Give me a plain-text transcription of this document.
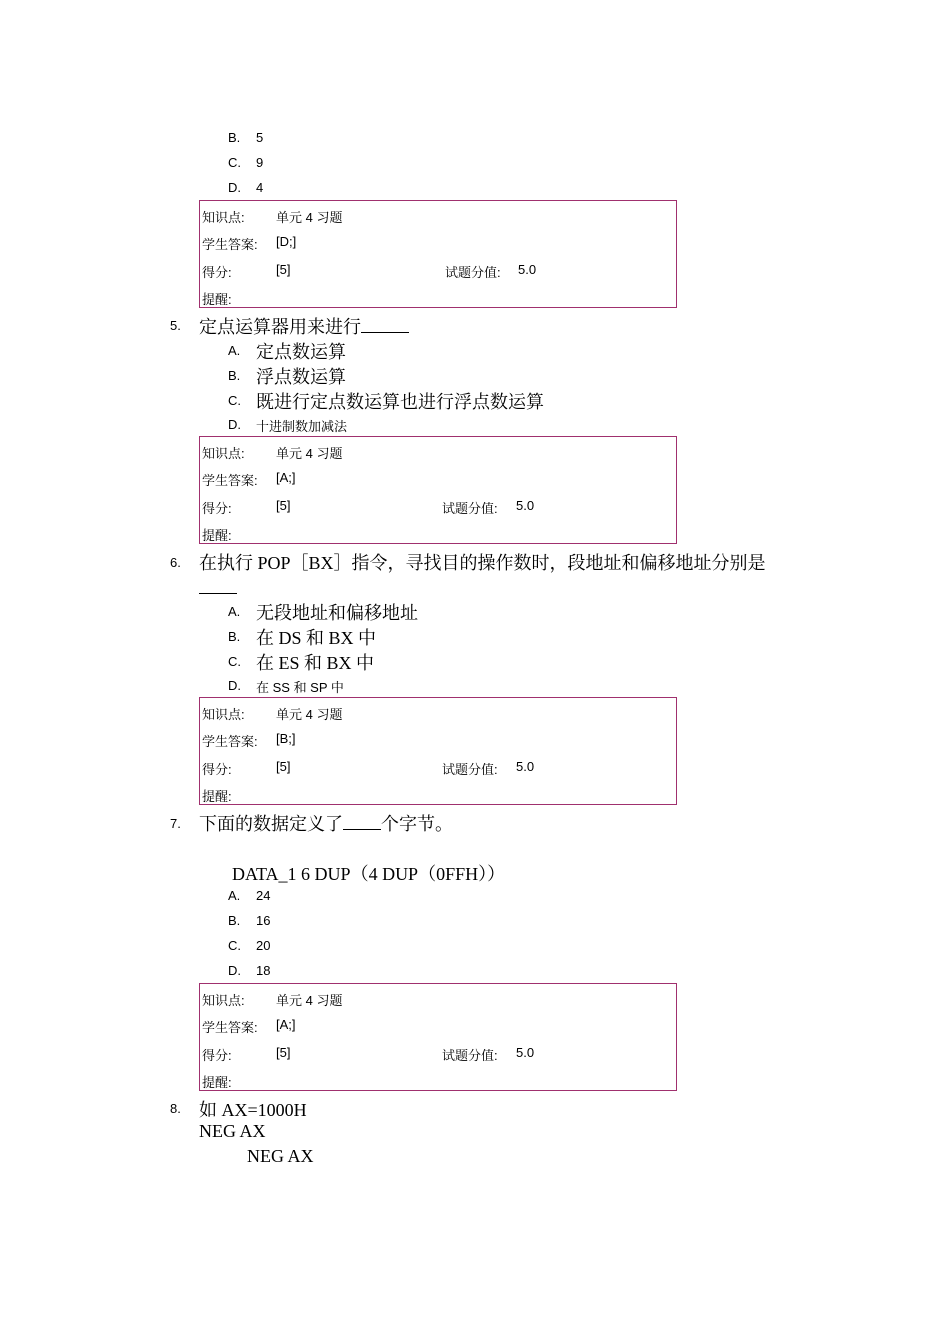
B. 5
C. 9
D. 4
知识点: 单元 4 习题
学生答案: [D;]
得分:	[5]	试题分值: 5.0
提醒:
5. 定点运算器用来进行
A. 定点数运算
B. 浮点数运算
C. 既进行定点数运算也进行浮点数运算
D. 十进制数加减法
知识点: 单元 4 习题
学生答案: [A;]
得分:	[5]	试题分值: 5.0
提醒:
6. 在执行 POP［BX］指令，寻找目的操作数时，段地址和偏移地址分别是
A. 无段地址和偏移地址
B. 在 DS 和 BX 中
C. 在 ES 和 BX 中
D. 在 SS 和 SP 中
知识点: 单元 4 习题
学生答案: [B;]
得分:	[5]	试题分值: 5.0
提醒:
7. 下面的数据定义了 个字节。
DATA_1 6 DUP（4 DUP（0FFH））
A. 24
B. 16
C. 20
D. 18
知识点: 单元 4 习题
学生答案: [A;]
得分:	[5]	试题分值: 5.0
提醒:
8. 如 AX=1000H
NEG AX
NEG AX
